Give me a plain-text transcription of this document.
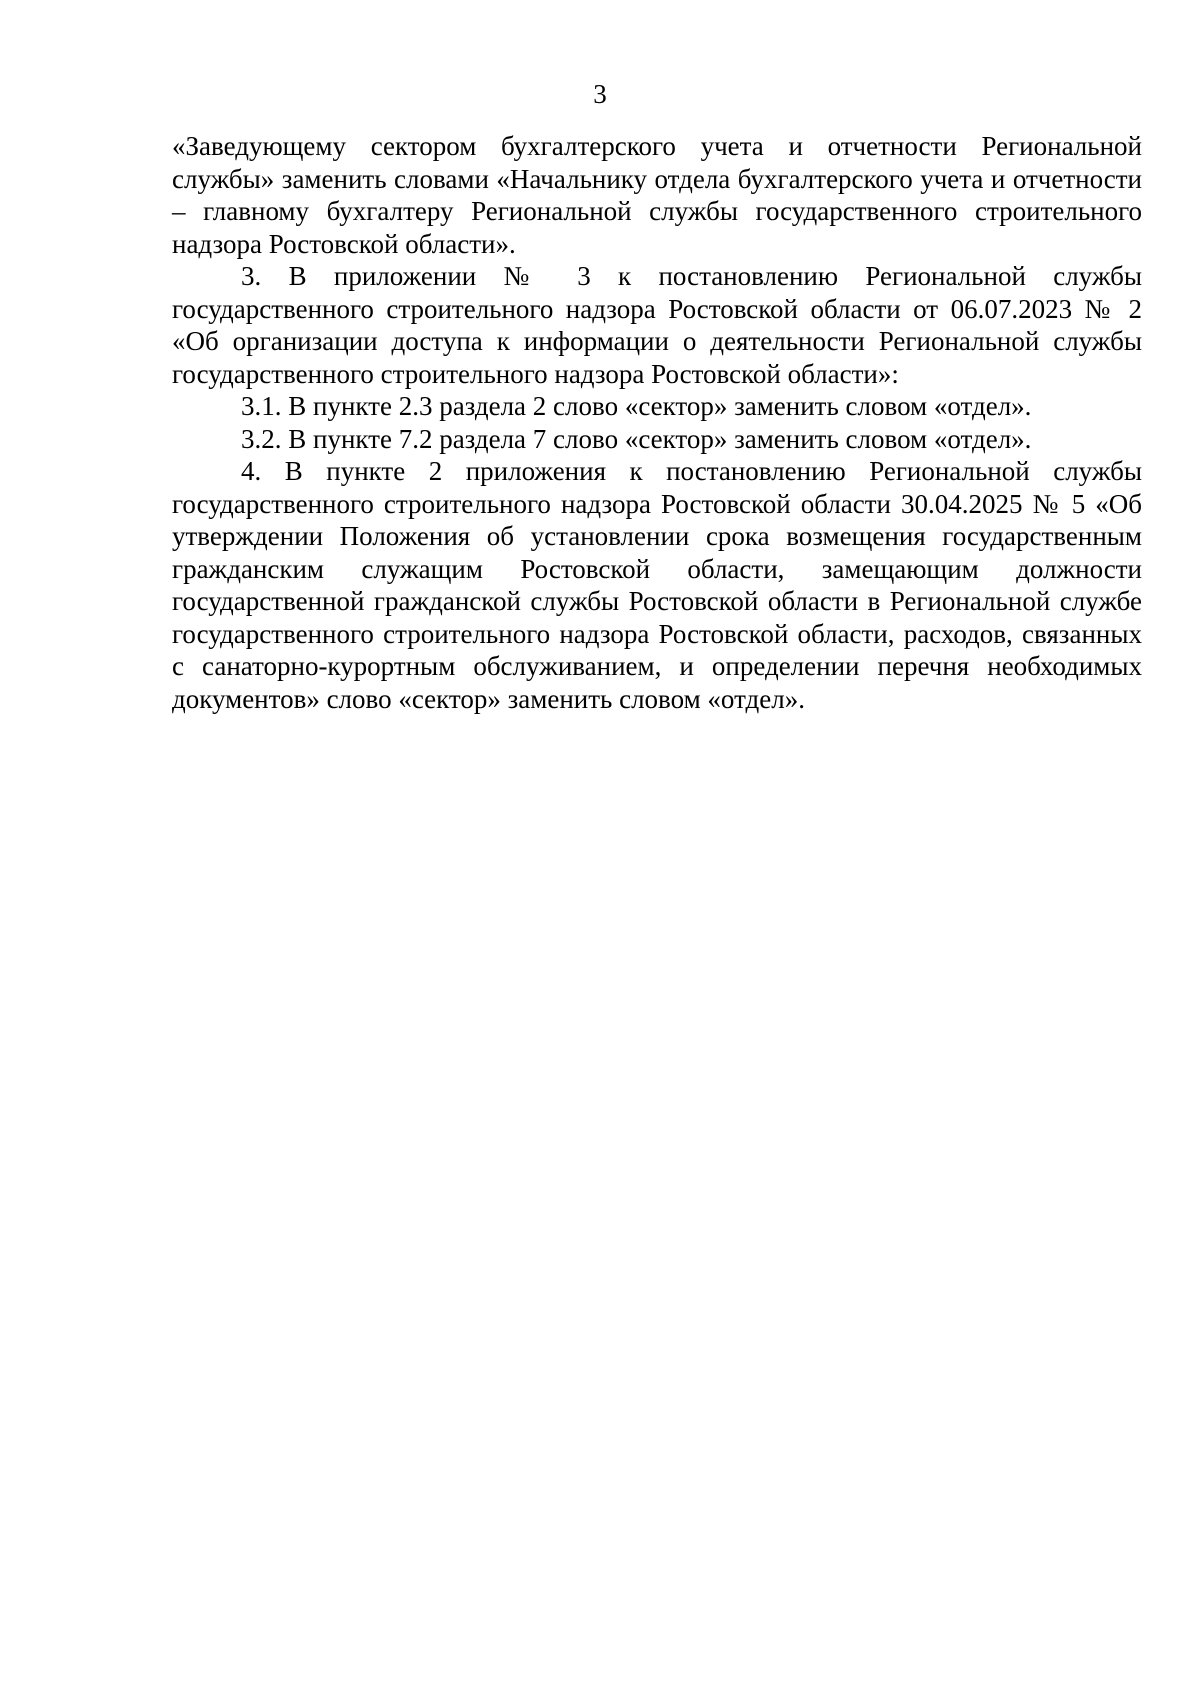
3

«Заведующему сектором бухгалтерского учета и отчетности Региональной службы» заменить словами «Начальнику отдела бухгалтерского учета и отчетности – главному бухгалтеру Региональной службы государственного строительного надзора Ростовской области».

3. В приложении № 3 к постановлению Региональной службы государственного строительного надзора Ростовской области от 06.07.2023 № 2 «Об организации доступа к информации о деятельности Региональной службы государственного строительного надзора Ростовской области»:

3.1. В пункте 2.3 раздела 2 слово «сектор» заменить словом «отдел».

3.2. В пункте 7.2 раздела 7 слово «сектор» заменить словом «отдел».

4. В пункте 2 приложения к постановлению Региональной службы государственного строительного надзора Ростовской области 30.04.2025 № 5 «Об утверждении Положения об установлении срока возмещения государственным гражданским служащим Ростовской области, замещающим должности государственной гражданской службы Ростовской области в Региональной службе государственного строительного надзора Ростовской области, расходов, связанных с санаторно-курортным обслуживанием, и определении перечня необходимых документов» слово «сектор» заменить словом «отдел».
